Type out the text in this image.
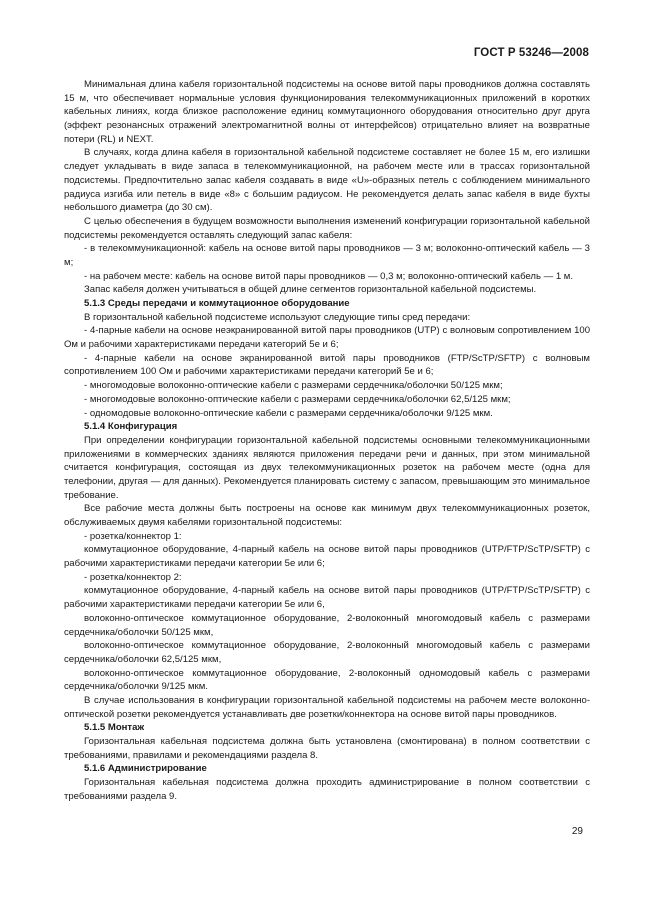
ГОСТ Р 53246—2008

Минимальная длина кабеля горизонтальной подсистемы на основе витой пары проводников должна составлять 15 м, что обеспечивает нормальные условия функционирования телекоммуникационных приложений в коротких кабельных линиях, когда близкое расположение единиц коммутационного оборудования относительно друг друга (эффект резонансных отражений электромагнитной волны от интерфейсов) отрицательно влияет на возвратные потери (RL) и NEXT.

В случаях, когда длина кабеля в горизонтальной кабельной подсистеме составляет не более 15 м, его излишки следует укладывать в виде запаса в телекоммуникационной, на рабочем месте или в трассах горизонтальной подсистемы. Предпочтительно запас кабеля создавать в виде «U»-образных петель с соблюдением минимального радиуса изгиба или петель в виде «8» с большим радиусом. Не рекомендуется делать запас кабеля в виде бухты небольшого диаметра (до 30 см).

С целью обеспечения в будущем возможности выполнения изменений конфигурации горизонтальной кабельной подсистемы рекомендуется оставлять следующий запас кабеля:

- в телекоммуникационной: кабель на основе витой пары проводников — 3 м; волоконно-оптический кабель — 3 м;

- на рабочем месте: кабель на основе витой пары проводников — 0,3 м; волоконно-оптический кабель — 1 м.

Запас кабеля должен учитываться в общей длине сегментов горизонтальной кабельной подсистемы.

5.1.3 Среды передачи и коммутационное оборудование

В горизонтальной кабельной подсистеме используют следующие типы сред передачи:

- 4-парные кабели на основе неэкранированной витой пары проводников (UTP) с волновым сопротивлением 100 Ом и рабочими характеристиками передачи категорий 5е и 6;

- 4-парные кабели на основе экранированной витой пары проводников (FTP/ScTP/SFTP) с волновым сопротивлением 100 Ом и рабочими характеристиками передачи категорий 5е и 6;

- многомодовые волоконно-оптические кабели с размерами сердечника/оболочки 50/125 мкм;

- многомодовые волоконно-оптические кабели с размерами сердечника/оболочки 62,5/125 мкм;

- одномодовые волоконно-оптические кабели с размерами сердечника/оболочки 9/125 мкм.

5.1.4 Конфигурация

При определении конфигурации горизонтальной кабельной подсистемы основными телекоммуникационными приложениями в коммерческих зданиях являются приложения передачи речи и данных, при этом минимальной считается конфигурация, состоящая из двух телекоммуникационных розеток на рабочем месте (одна для телефонии, другая — для данных). Рекомендуется планировать систему с запасом, превышающим это минимальное требование.

Все рабочие места должны быть построены на основе как минимум двух телекоммуникационных розеток, обслуживаемых двумя кабелями горизонтальной подсистемы:

- розетка/коннектор 1:

коммутационное оборудование, 4-парный кабель на основе витой пары проводников (UTP/FTP/ScTP/SFTP) с рабочими характеристиками передачи категории 5е или 6;

- розетка/коннектор 2:

коммутационное оборудование, 4-парный кабель на основе витой пары проводников (UTP/FTP/ScTP/SFTP) с рабочими характеристиками передачи категории 5е или 6,

волоконно-оптическое коммутационное оборудование, 2-волоконный многомодовый кабель с размерами сердечника/оболочки 50/125 мкм,

волоконно-оптическое коммутационное оборудование, 2-волоконный многомодовый кабель с размерами сердечника/оболочки 62,5/125 мкм,

волоконно-оптическое коммутационное оборудование, 2-волоконный одномодовый кабель с размерами сердечника/оболочки 9/125 мкм.

В случае использования в конфигурации горизонтальной кабельной подсистемы на рабочем месте волоконно-оптической розетки рекомендуется устанавливать две розетки/коннектора на основе витой пары проводников.

5.1.5 Монтаж

Горизонтальная кабельная подсистема должна быть установлена (смонтирована) в полном соответствии с требованиями, правилами и рекомендациями раздела 8.

5.1.6 Администрирование

Горизонтальная кабельная подсистема должна проходить администрирование в полном соответствии с требованиями раздела 9.

29
